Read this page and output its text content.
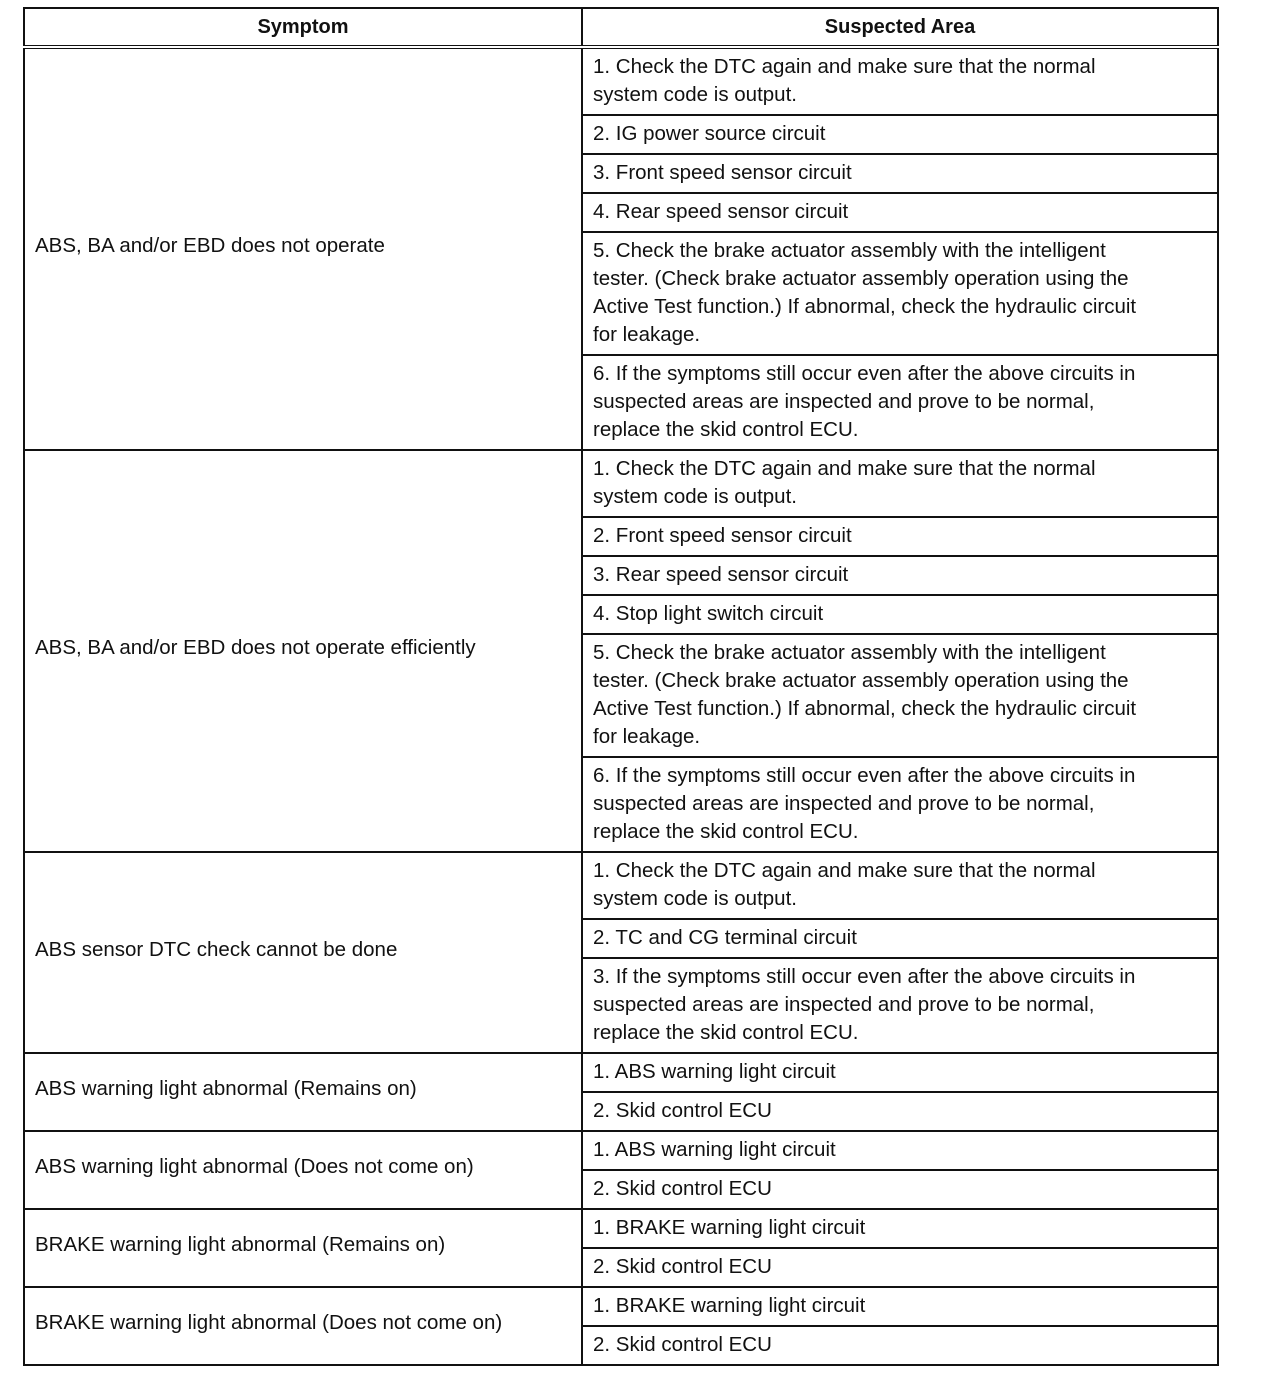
Symptom	Suspected Area
ABS, BA and/or EBD does not operate	1. Check the DTC again and make sure that the normal
system code is output.
	2. IG power source circuit
	3. Front speed sensor circuit
	4. Rear speed sensor circuit
	5. Check the brake actuator assembly with the intelligent
tester. (Check brake actuator assembly operation using the
Active Test function.) If abnormal, check the hydraulic circuit
for leakage.
	6. If the symptoms still occur even after the above circuits in
suspected areas are inspected and prove to be normal,
replace the skid control ECU.
ABS, BA and/or EBD does not operate efficiently	1. Check the DTC again and make sure that the normal
system code is output.
	2. Front speed sensor circuit
	3. Rear speed sensor circuit
	4. Stop light switch circuit
	5. Check the brake actuator assembly with the intelligent
tester. (Check brake actuator assembly operation using the
Active Test function.) If abnormal, check the hydraulic circuit
for leakage.
	6. If the symptoms still occur even after the above circuits in
suspected areas are inspected and prove to be normal,
replace the skid control ECU.
ABS sensor DTC check cannot be done	1. Check the DTC again and make sure that the normal
system code is output.
	2. TC and CG terminal circuit
	3. If the symptoms still occur even after the above circuits in
suspected areas are inspected and prove to be normal,
replace the skid control ECU.
ABS warning light abnormal (Remains on)	1. ABS warning light circuit
	2. Skid control ECU
ABS warning light abnormal (Does not come on)	1. ABS warning light circuit
	2. Skid control ECU
BRAKE warning light abnormal (Remains on)	1. BRAKE warning light circuit
	2. Skid control ECU
BRAKE warning light abnormal (Does not come on)	1. BRAKE warning light circuit
	2. Skid control ECU
